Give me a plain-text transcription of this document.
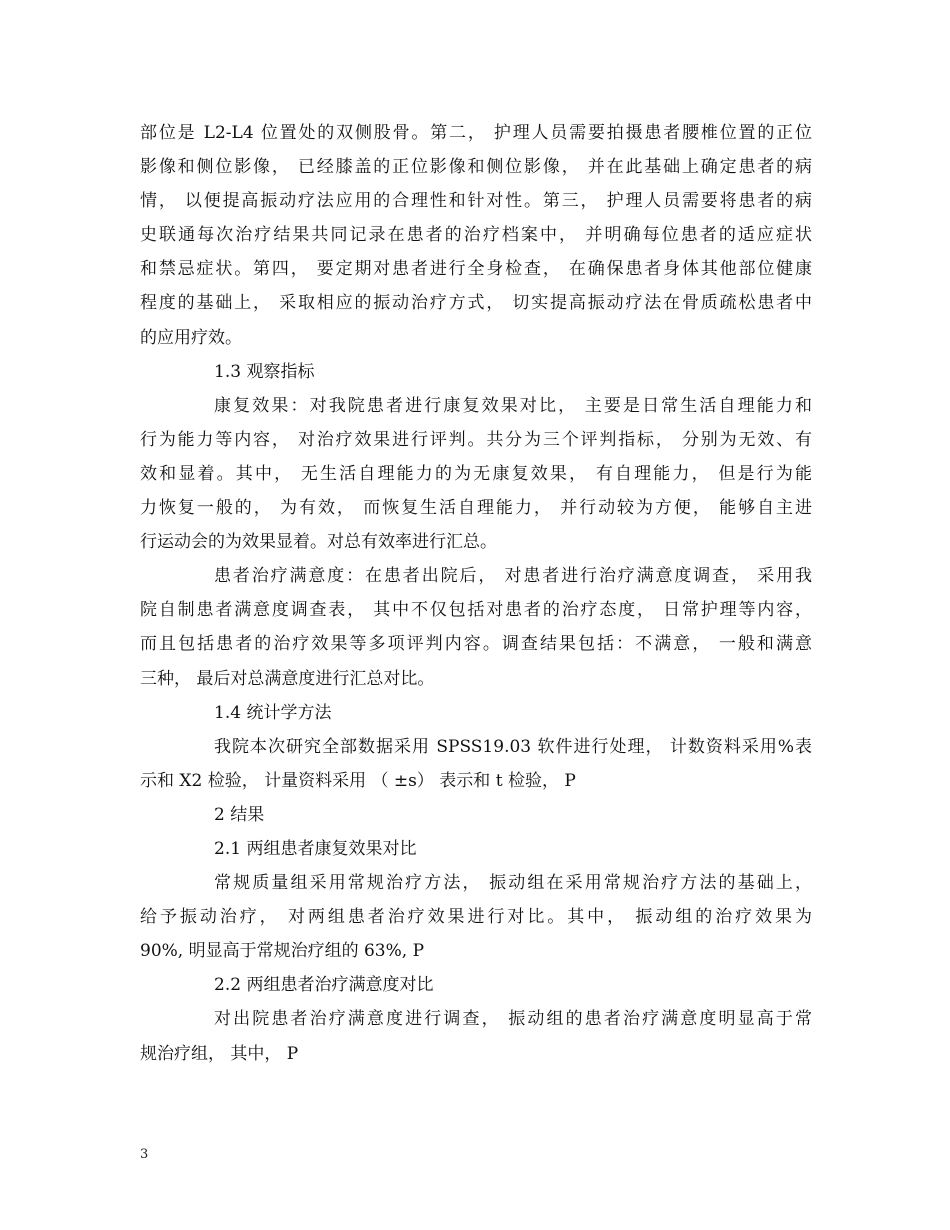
部位是 L2-L4 位置处的双侧股骨。第二， 护理人员需要拍摄患者腰椎位置的正位
影像和侧位影像， 已经膝盖的正位影像和侧位影像， 并在此基础上确定患者的病
情， 以便提高振动疗法应用的合理性和针对性。第三， 护理人员需要将患者的病
史联通每次治疗结果共同记录在患者的治疗档案中， 并明确每位患者的适应症状
和禁忌症状。第四， 要定期对患者进行全身检查， 在确保患者身体其他部位健康
程度的基础上， 采取相应的振动治疗方式， 切实提高振动疗法在骨质疏松患者中
的应用疗效。
1.3 观察指标
康复效果：对我院患者进行康复效果对比， 主要是日常生活自理能力和
行为能力等内容， 对治疗效果进行评判。共分为三个评判指标， 分别为无效、有
效和显着。其中， 无生活自理能力的为无康复效果， 有自理能力， 但是行为能
力恢复一般的， 为有效， 而恢复生活自理能力， 并行动较为方便， 能够自主进
行运动会的为效果显着。对总有效率进行汇总。
患者治疗满意度：在患者出院后， 对患者进行治疗满意度调查， 采用我
院自制患者满意度调查表， 其中不仅包括对患者的治疗态度， 日常护理等内容，
而且包括患者的治疗效果等多项评判内容。调查结果包括：不满意， 一般和满意
三种， 最后对总满意度进行汇总对比。
1.4 统计学方法
我院本次研究全部数据采用 SPSS19.03 软件进行处理， 计数资料采用%表
示和 X2 检验， 计量资料采用 （ ±s） 表示和 t 检验， P
2 结果
2.1 两组患者康复效果对比
常规质量组采用常规治疗方法， 振动组在采用常规治疗方法的基础上，
给予振动治疗， 对两组患者治疗效果进行对比。其中， 振动组的治疗效果为
90%, 明显高于常规治疗组的 63%, P
2.2 两组患者治疗满意度对比
对出院患者治疗满意度进行调查， 振动组的患者治疗满意度明显高于常
规治疗组， 其中， P
3
